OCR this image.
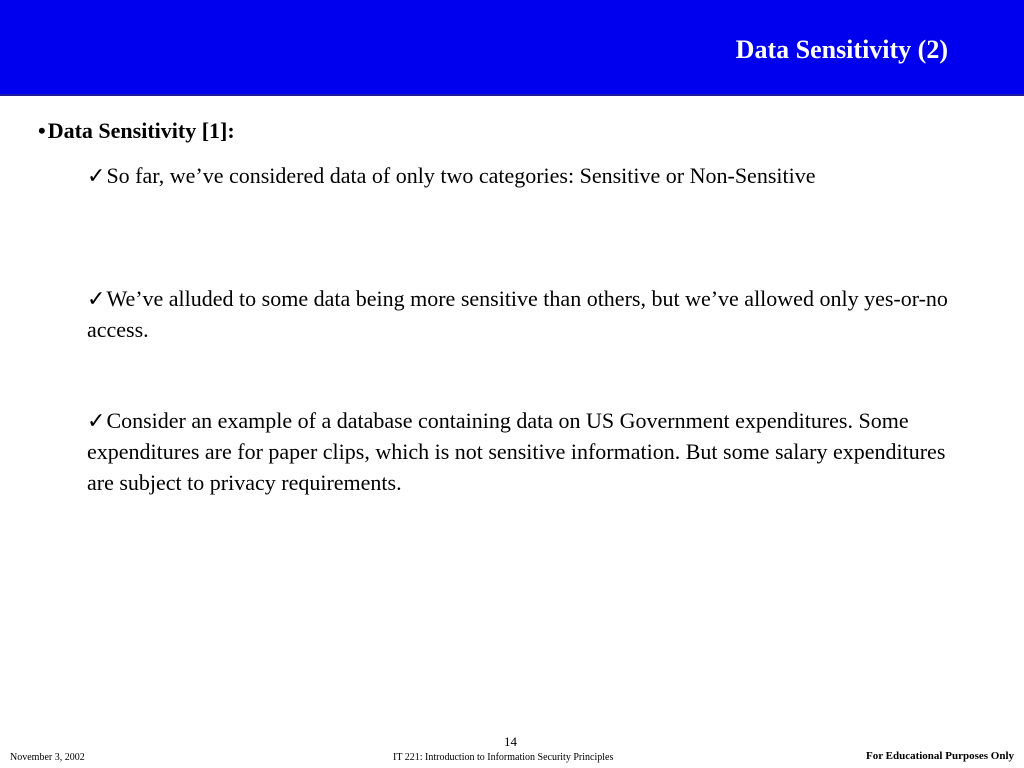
Data Sensitivity (2)
•Data Sensitivity [1]:
✓So far, we’ve considered data of only two categories: Sensitive or Non-Sensitive
✓We’ve alluded to some data being more sensitive than others, but we’ve allowed only yes-or-no access.
✓Consider an example of a database containing data on US Government expenditures. Some expenditures are for paper clips, which is not sensitive information. But some salary expenditures are subject to privacy requirements.
November 3, 2002
14
IT 221: Introduction to Information Security Principles	For Educational Purposes Only
